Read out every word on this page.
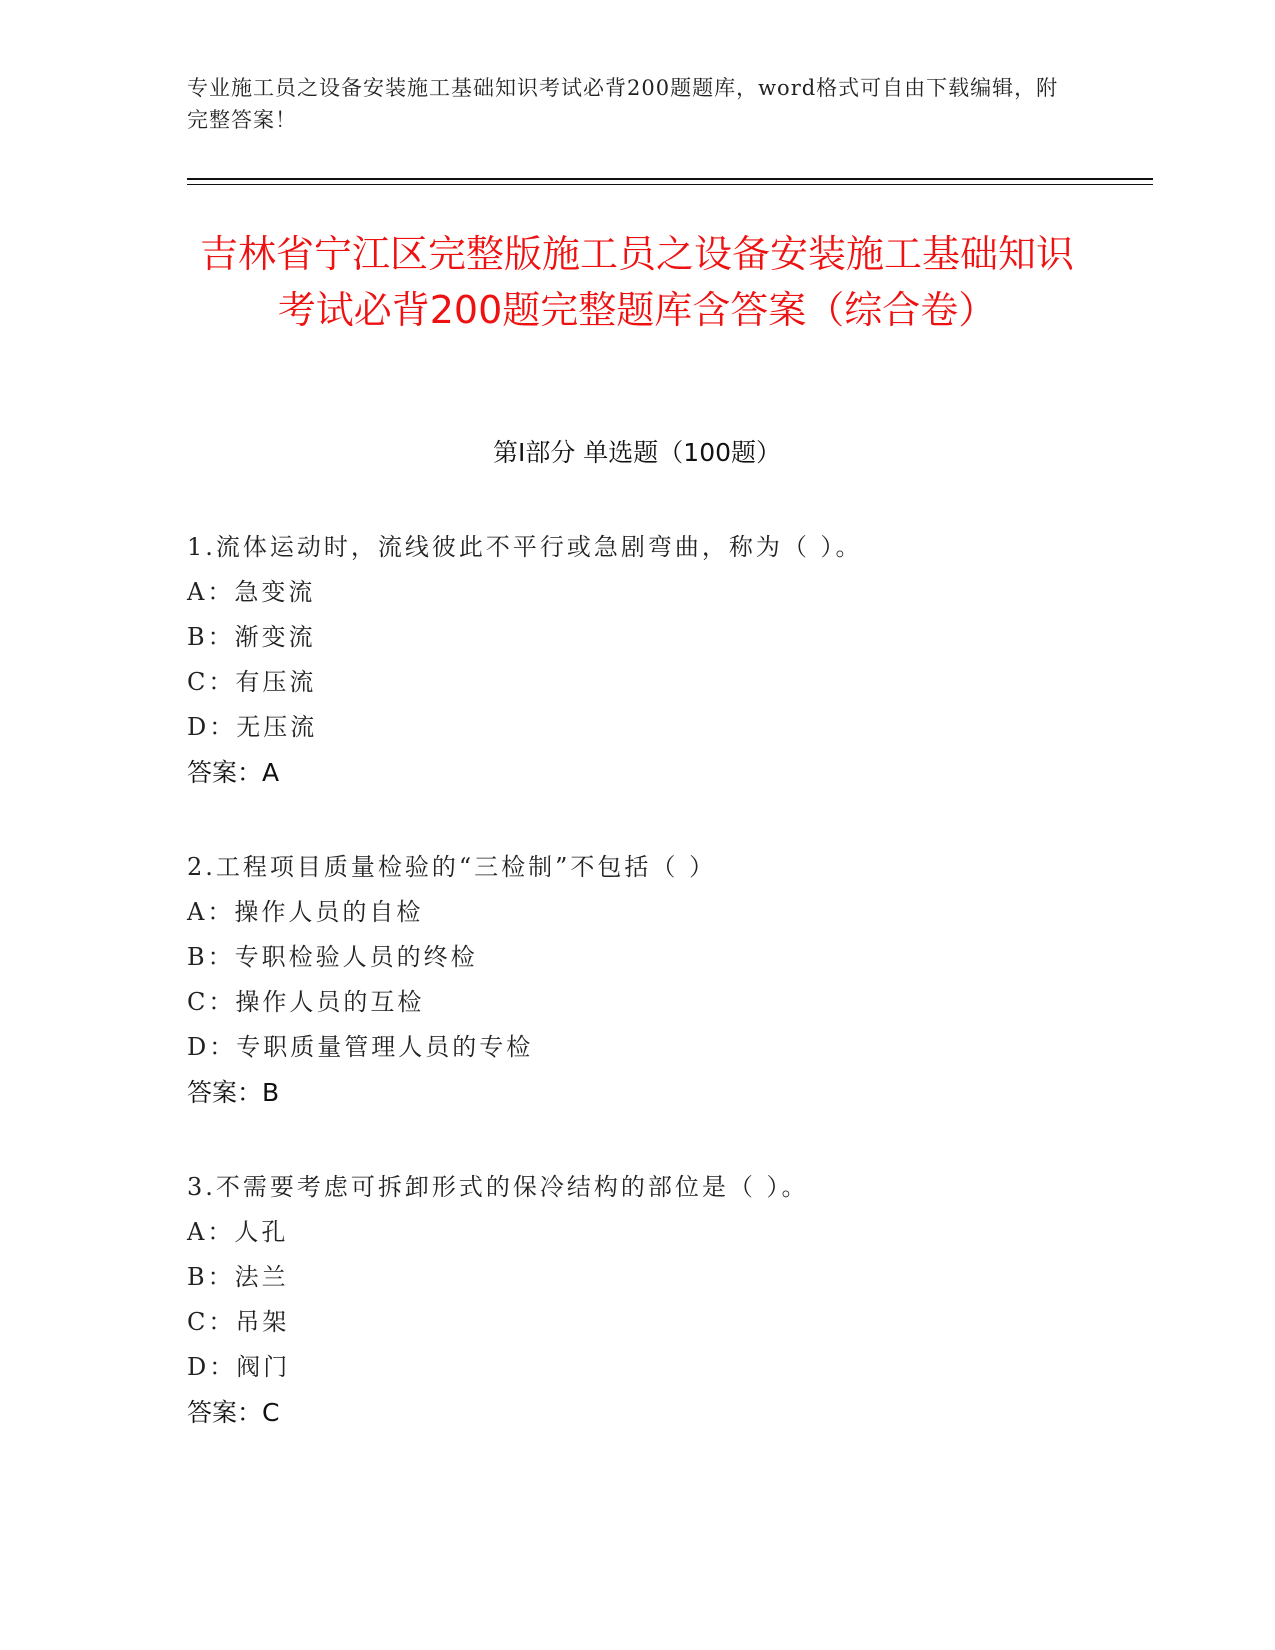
专业施工员之设备安装施工基础知识考试必背200题题库，word格式可自由下载编辑，附完整答案！
吉林省宁江区完整版施工员之设备安装施工基础知识考试必背200题完整题库含答案（综合卷）
第I部分 单选题（100题）
1.流体运动时，流线彼此不平行或急剧弯曲，称为（ ）。
A：急变流
B：渐变流
C：有压流
D：无压流
答案：A
2.工程项目质量检验的“三检制”不包括（ ）
A：操作人员的自检
B：专职检验人员的终检
C：操作人员的互检
D：专职质量管理人员的专检
答案：B
3.不需要考虑可拆卸形式的保冷结构的部位是（ ）。
A：人孔
B：法兰
C：吊架
D：阀门
答案：C
